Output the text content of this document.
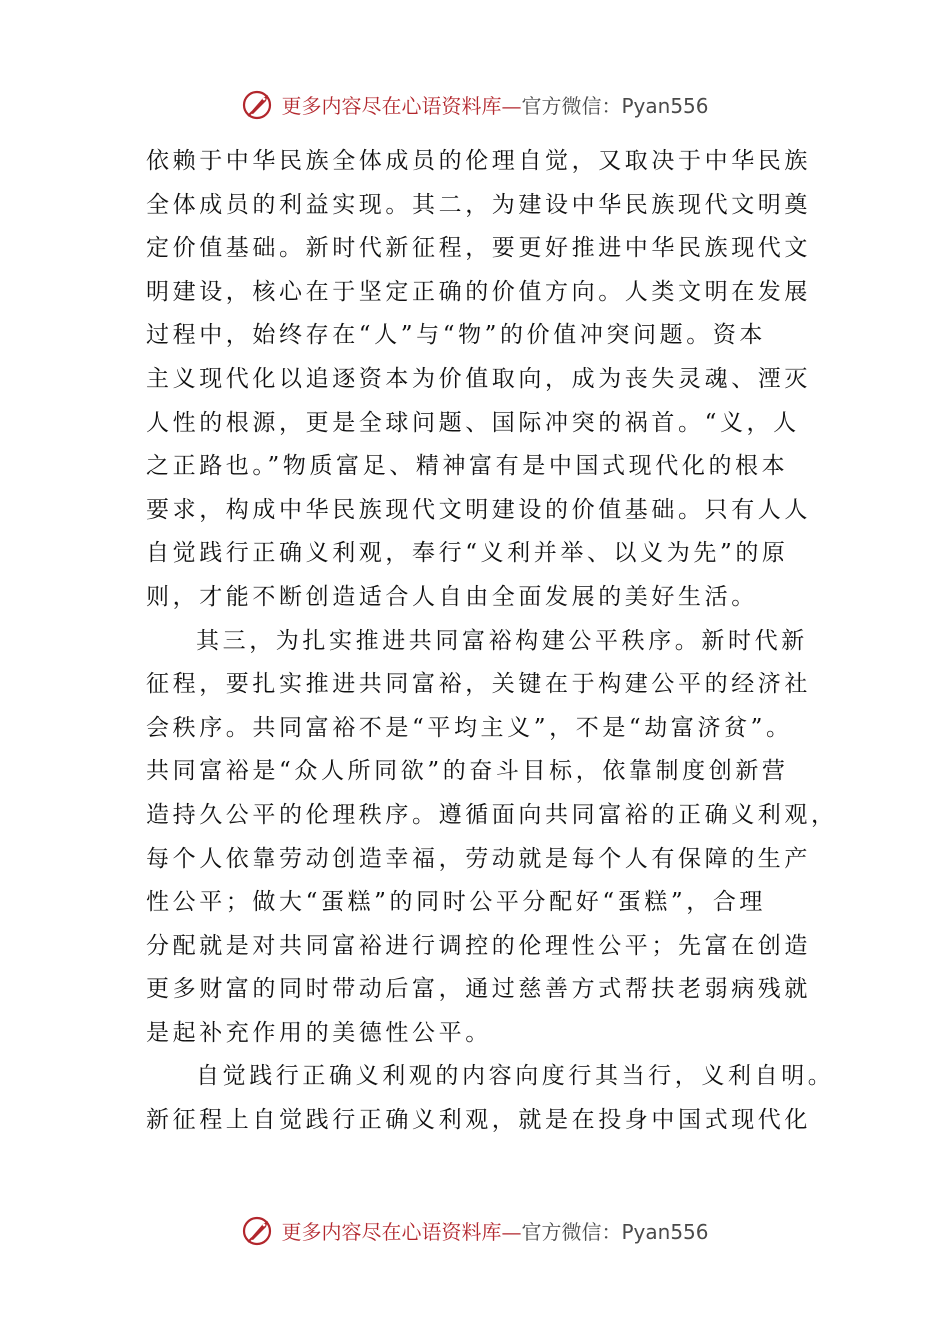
更多内容尽在心语资料库—官方微信：Pyan556
依赖于中华民族全体成员的伦理自觉，又取决于中华民族
全体成员的利益实现。其二，为建设中华民族现代文明奠
定价值基础。新时代新征程，要更好推进中华民族现代文
明建设，核心在于坚定正确的价值方向。人类文明在发展
过程中，始终存在“人”与“物”的价值冲突问题。资本
主义现代化以追逐资本为价值取向，成为丧失灵魂、湮灭
人性的根源，更是全球问题、国际冲突的祸首。“义，人
之正路也。”物质富足、精神富有是中国式现代化的根本
要求，构成中华民族现代文明建设的价值基础。只有人人
自觉践行正确义利观，奉行“义利并举、以义为先”的原
则，才能不断创造适合人自由全面发展的美好生活。
其三，为扎实推进共同富裕构建公平秩序。新时代新
征程，要扎实推进共同富裕，关键在于构建公平的经济社
会秩序。共同富裕不是“平均主义”，不是“劫富济贫”。
共同富裕是“众人所同欲”的奋斗目标，依靠制度创新营
造持久公平的伦理秩序。遵循面向共同富裕的正确义利观，
每个人依靠劳动创造幸福，劳动就是每个人有保障的生产
性公平；做大“蛋糕”的同时公平分配好“蛋糕”，合理
分配就是对共同富裕进行调控的伦理性公平；先富在创造
更多财富的同时带动后富，通过慈善方式帮扶老弱病残就
是起补充作用的美德性公平。
自觉践行正确义利观的内容向度行其当行，义利自明。
新征程上自觉践行正确义利观，就是在投身中国式现代化
更多内容尽在心语资料库—官方微信：Pyan556
